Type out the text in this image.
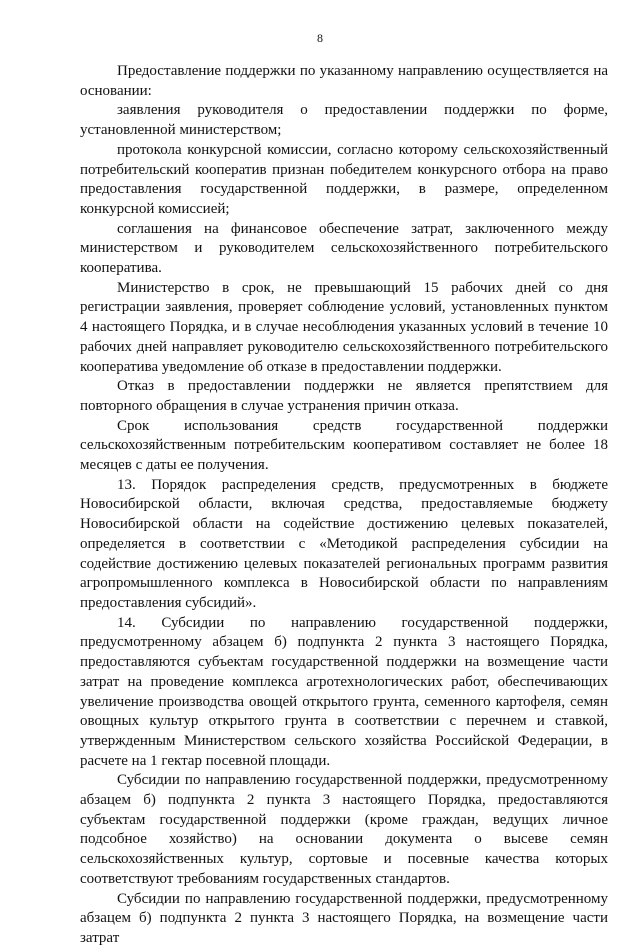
8

Предоставление поддержки по указанному направлению осуществляется на основании:

заявления руководителя о предоставлении поддержки по форме, установленной министерством;

протокола конкурсной комиссии, согласно которому сельскохозяйственный потребительский кооператив признан победителем конкурсного отбора на право предоставления государственной поддержки, в размере, определенном конкурсной комиссией;

соглашения на финансовое обеспечение затрат, заключенного между министерством и руководителем сельскохозяйственного потребительского кооператива.

Министерство в срок, не превышающий 15 рабочих дней со дня регистрации заявления, проверяет соблюдение условий, установленных пунктом 4 настоящего Порядка, и в случае несоблюдения указанных условий в течение 10 рабочих дней направляет руководителю сельскохозяйственного потребительского кооператива уведомление об отказе в предоставлении поддержки.

Отказ в предоставлении поддержки не является препятствием для повторного обращения в случае устранения причин отказа.

Срок использования средств государственной поддержки сельскохозяйственным потребительским кооперативом составляет не более 18 месяцев с даты ее получения.

13. Порядок распределения средств, предусмотренных в бюджете Новосибирской области, включая средства, предоставляемые бюджету Новосибирской области на содействие достижению целевых показателей, определяется в соответствии с «Методикой распределения субсидии на содействие достижению целевых показателей региональных программ развития агропромышленного комплекса в Новосибирской области по направлениям предоставления субсидий».

14. Субсидии по направлению государственной поддержки, предусмотренному абзацем б) подпункта 2 пункта 3 настоящего Порядка, предоставляются субъектам государственной поддержки на возмещение части затрат на проведение комплекса агротехнологических работ, обеспечивающих увеличение производства овощей открытого грунта, семенного картофеля, семян овощных культур открытого грунта в соответствии с перечнем и ставкой, утвержденным Министерством сельского хозяйства Российской Федерации, в расчете на 1 гектар посевной площади.

Субсидии по направлению государственной поддержки, предусмотренному абзацем б) подпункта 2 пункта 3 настоящего Порядка, предоставляются субъектам государственной поддержки (кроме граждан, ведущих личное подсобное хозяйство) на основании документа о высеве семян сельскохозяйственных культур, сортовые и посевные качества которых соответствуют требованиям государственных стандартов.

Субсидии по направлению государственной поддержки, предусмотренному абзацем б) подпункта 2 пункта 3 настоящего Порядка, на возмещение части затрат
